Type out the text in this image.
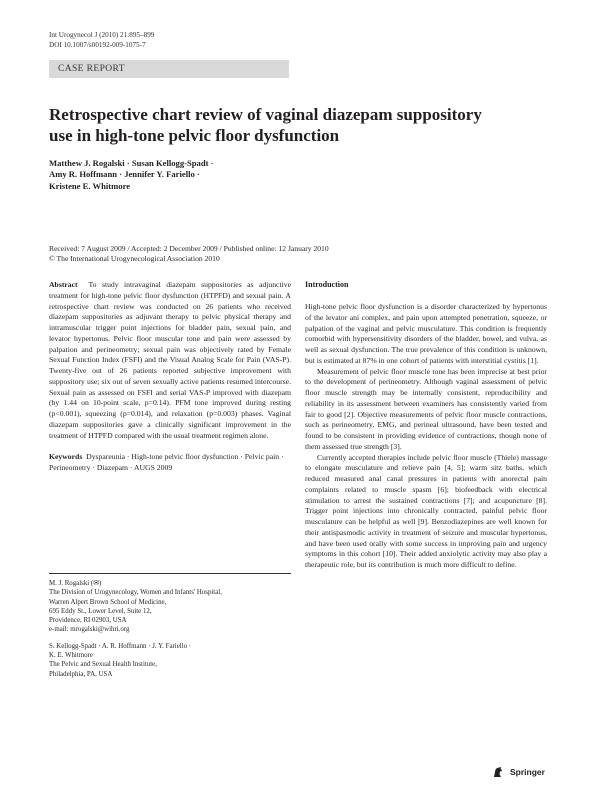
Int Urogynecol J (2010) 21:895–899
DOI 10.1007/s00192-009-1075-7
CASE REPORT
Retrospective chart review of vaginal diazepam suppository
use in high-tone pelvic floor dysfunction
Matthew J. Rogalski · Susan Kellogg-Spadt ·
Amy R. Hoffmann · Jennifer Y. Fariello ·
Kristene E. Whitmore
Received: 7 August 2009 / Accepted: 2 December 2009 / Published online: 12 January 2010
© The International Urogynecological Association 2010

Abstract To study intravaginal diazepam suppositories as adjunctive treatment for high-tone pelvic floor dysfunction (HTPFD) and sexual pain. A retrospective chart review was conducted on 26 patients who received diazepam suppositories as adjuvant therapy to pelvic physical therapy and intramuscular trigger point injections for bladder pain, sexual pain, and levator hypertonus. Pelvic floor muscular tone and pain were assessed by palpation and perineometry; sexual pain was objectively rated by Female Sexual Function Index (FSFI) and the Visual Analog Scale for Pain (VAS-P). Twenty-five out of 26 patients reported subjective improvement with suppository use; six out of seven sexually active patients resumed intercourse. Sexual pain as assessed on FSFI and serial VAS-P improved with diazepam (by 1.44 on 10-point scale, p=0.14). PFM tone improved during resting (p<0.001), squeezing (p=0.014), and relaxation (p=0.003) phases. Vaginal diazepam suppositories gave a clinically significant improvement in the treatment of HTPFD compared with the usual treatment regimen alone.

Keywords Dyspareunia · High-tone pelvic floor dysfunction · Pelvic pain · Perineometry · Diazepam · AUGS 2009

M. J. Rogalski (✉)
The Division of Urogynecology, Women and Infants' Hospital,
Warren Alpert Brown School of Medicine,
695 Eddy St., Lower Level, Suite 12,
Providence, RI 02903, USA
e-mail: mrogalski@wihri.org
S. Kellogg-Spadt · A. R. Hoffmann · J. Y. Fariello ·
K. E. Whitmore
The Pelvic and Sexual Health Institute,
Philadelphia, PA, USA
Introduction

High-tone pelvic floor dysfunction is a disorder characterized by hypertonus of the levator ani complex, and pain upon attempted penetration, squeeze, or palpation of the vaginal and pelvic musculature. This condition is frequently comorbid with hypersensitivity disorders of the bladder, bowel, and vulva, as well as sexual dysfunction. The true prevalence of this condition is unknown, but is estimated at 87% in one cohort of patients with interstitial cystitis [1].

Measurement of pelvic floor muscle tone has been imprecise at best prior to the development of perineometry. Although vaginal assessment of pelvic floor muscle strength may be internally consistent, reproducibility and reliability in its assessment between examiners has consistently varied from fair to good [2]. Objective measurements of pelvic floor muscle contractions, such as perineometry, EMG, and perineal ultrasound, have been tested and found to be consistent in providing evidence of contractions, though none of them assessed true strength [3].

Currently accepted therapies include pelvic floor muscle (Thiele) massage to elongate musculature and relieve pain [4, 5]; warm sitz baths, which reduced measured anal canal pressures in patients with anorectal pain complaints related to muscle spasm [6]; biofeedback with electrical stimulation to arrest the sustained contractions [7]; and acupuncture [8]. Trigger point injections into chronically contracted, painful pelvic floor musculature can be helpful as well [9]. Benzodiazepines are well known for their antispasmodic activity in treatment of seizure and muscular hypertonus, and have been used orally with some success in improving pain and urgency symptoms in this cohort [10]. Their added anxiolytic activity may also play a therapeutic role, but its contribution is much more difficult to define.

Springer
